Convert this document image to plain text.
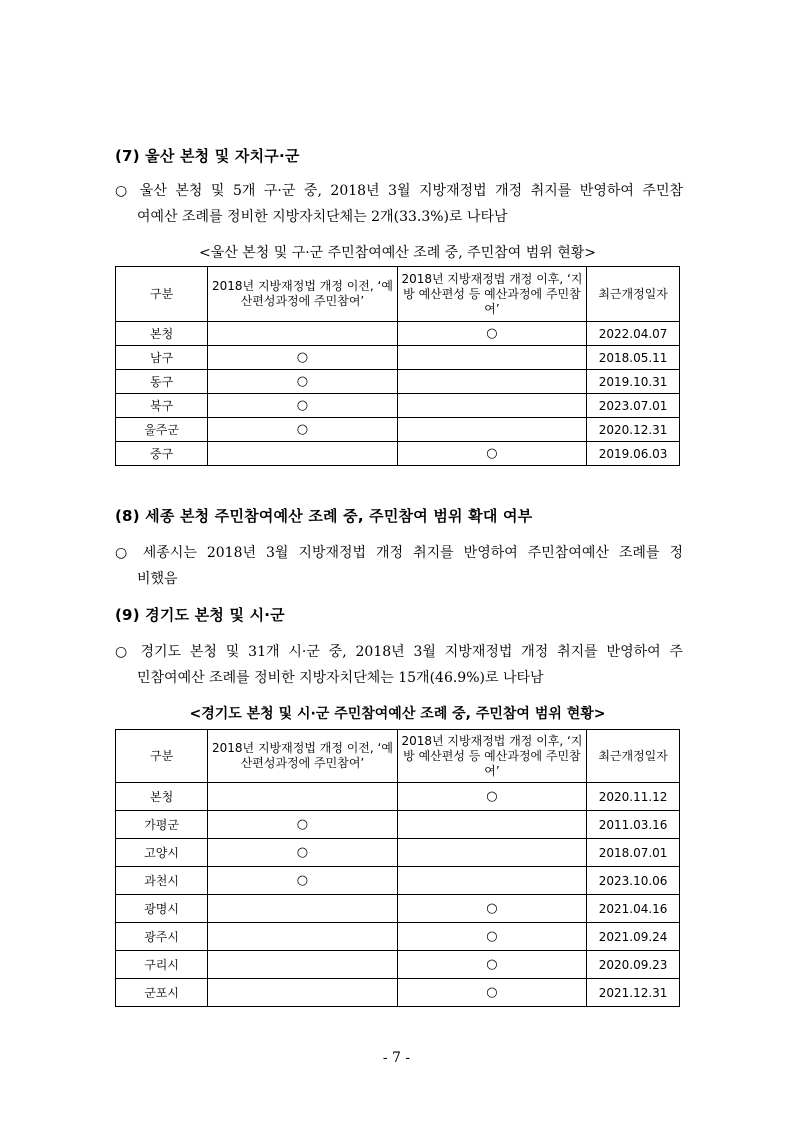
(7) 울산 본청 및 자치구·군
○ 울산 본청 및 5개 구·군 중, 2018년 3월 지방재정법 개정 취지를 반영하여 주민참
여예산 조례를 정비한 지방자치단체는 2개(33.3%)로 나타남
<울산 본청 및 구·군 주민참여예산 조례 중, 주민참여 범위 현황>
구분	2018년 지방재정법 개정 이전, ‘예산편성과정에 주민참여’	2018년 지방재정법 개정 이후, ‘지방 예산편성 등 예산과정에 주민참여’	최근개정일자
본청		○	2022.04.07
남구	○		2018.05.11
동구	○		2019.10.31
북구	○		2023.07.01
울주군	○		2020.12.31
중구		○	2019.06.03
(8) 세종 본청 주민참여예산 조례 중, 주민참여 범위 확대 여부
○ 세종시는 2018년 3월 지방재정법 개정 취지를 반영하여 주민참여예산 조례를 정
비했음
(9) 경기도 본청 및 시·군
○ 경기도 본청 및 31개 시·군 중, 2018년 3월 지방재정법 개정 취지를 반영하여 주
민참여예산 조례를 정비한 지방자치단체는 15개(46.9%)로 나타남
<경기도 본청 및 시·군 주민참여예산 조례 중, 주민참여 범위 현황>
구분	2018년 지방재정법 개정 이전, ‘예산편성과정에 주민참여’	2018년 지방재정법 개정 이후, ‘지방 예산편성 등 예산과정에 주민참여’	최근개정일자
본청		○	2020.11.12
가평군	○		2011.03.16
고양시	○		2018.07.01
과천시	○		2023.10.06
광명시		○	2021.04.16
광주시		○	2021.09.24
구리시		○	2020.09.23
군포시		○	2021.12.31
- 7 -
